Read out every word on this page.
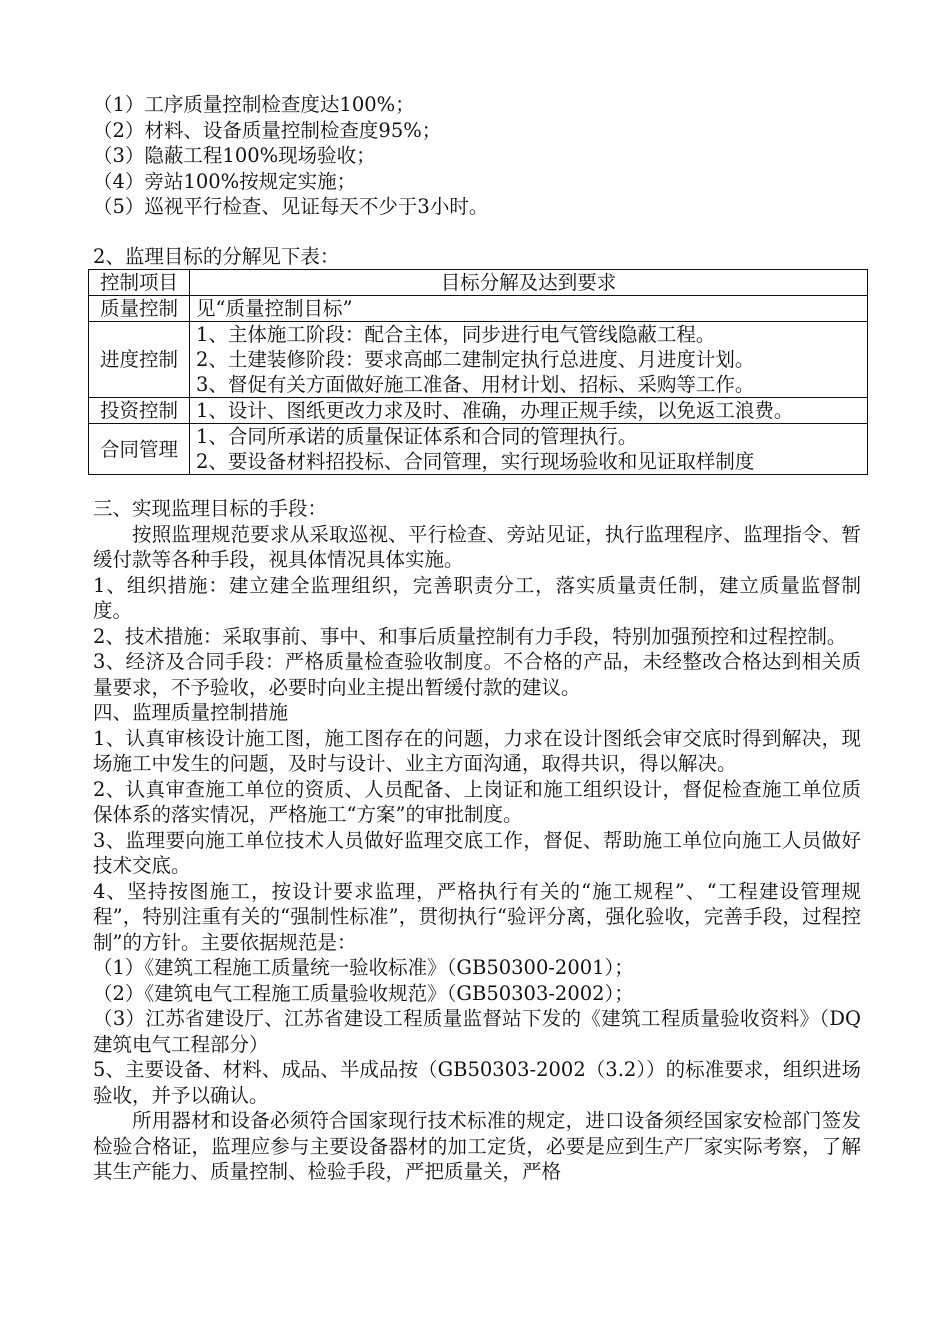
（1）工序质量控制检查度达100%；
（2）材料、设备质量控制检查度95%；
（3）隐蔽工程100%现场验收；
（4）旁站100%按规定实施；
（5）巡视平行检查、见证每天不少于3小时。
2、监理目标的分解见下表：
控制项目	目标分解及达到要求
质量控制	见“质量控制目标”

进度控制	1、主体施工阶段：配合主体，同步进行电气管线隐蔽工程。
2、土建装修阶段：要求高邮二建制定执行总进度、月进度计划。
3、督促有关方面做好施工准备、用材计划、招标、采购等工作。

投资控制	1、设计、图纸更改力求及时、准确，办理正规手续，以免返工浪费。

合同管理	1、合同所承诺的质量保证体系和合同的管理执行。
2、要设备材料招投标、合同管理，实行现场验收和见证取样制度
三、实现监理目标的手段：
按照监理规范要求从采取巡视、平行检查、旁站见证，执行监理程序、监理指令、暂缓付款等各种手段，视具体情况具体实施。
1、组织措施：建立建全监理组织，完善职责分工，落实质量责任制，建立质量监督制度。
2、技术措施：采取事前、事中、和事后质量控制有力手段，特别加强预控和过程控制。
3、经济及合同手段：严格质量检查验收制度。不合格的产品，未经整改合格达到相关质量要求，不予验收，必要时向业主提出暂缓付款的建议。
四、监理质量控制措施
1、认真审核设计施工图，施工图存在的问题，力求在设计图纸会审交底时得到解决，现场施工中发生的问题，及时与设计、业主方面沟通，取得共识，得以解决。
2、认真审查施工单位的资质、人员配备、上岗证和施工组织设计，督促检查施工单位质保体系的落实情况，严格施工“方案”的审批制度。
3、监理要向施工单位技术人员做好监理交底工作，督促、帮助施工单位向施工人员做好技术交底。
4、坚持按图施工，按设计要求监理，严格执行有关的“施工规程”、“工程建设管理规程”，特别注重有关的“强制性标准”，贯彻执行“验评分离，强化验收，完善手段，过程控制”的方针。主要依据规范是：
（1）《建筑工程施工质量统一验收标准》（GB50300-2001）；
（2）《建筑电气工程施工质量验收规范》（GB50303-2002）；
（3）江苏省建设厅、江苏省建设工程质量监督站下发的《建筑工程质量验收资料》（DQ建筑电气工程部分）
5、主要设备、材料、成品、半成品按（GB50303-2002（3.2））的标准要求，组织进场验收，并予以确认。
所用器材和设备必须符合国家现行技术标准的规定，进口设备须经国家安检部门签发检验合格证，监理应参与主要设备器材的加工定货，必要是应到生产厂家实际考察，了解其生产能力、质量控制、检验手段，严把质量关，严格
